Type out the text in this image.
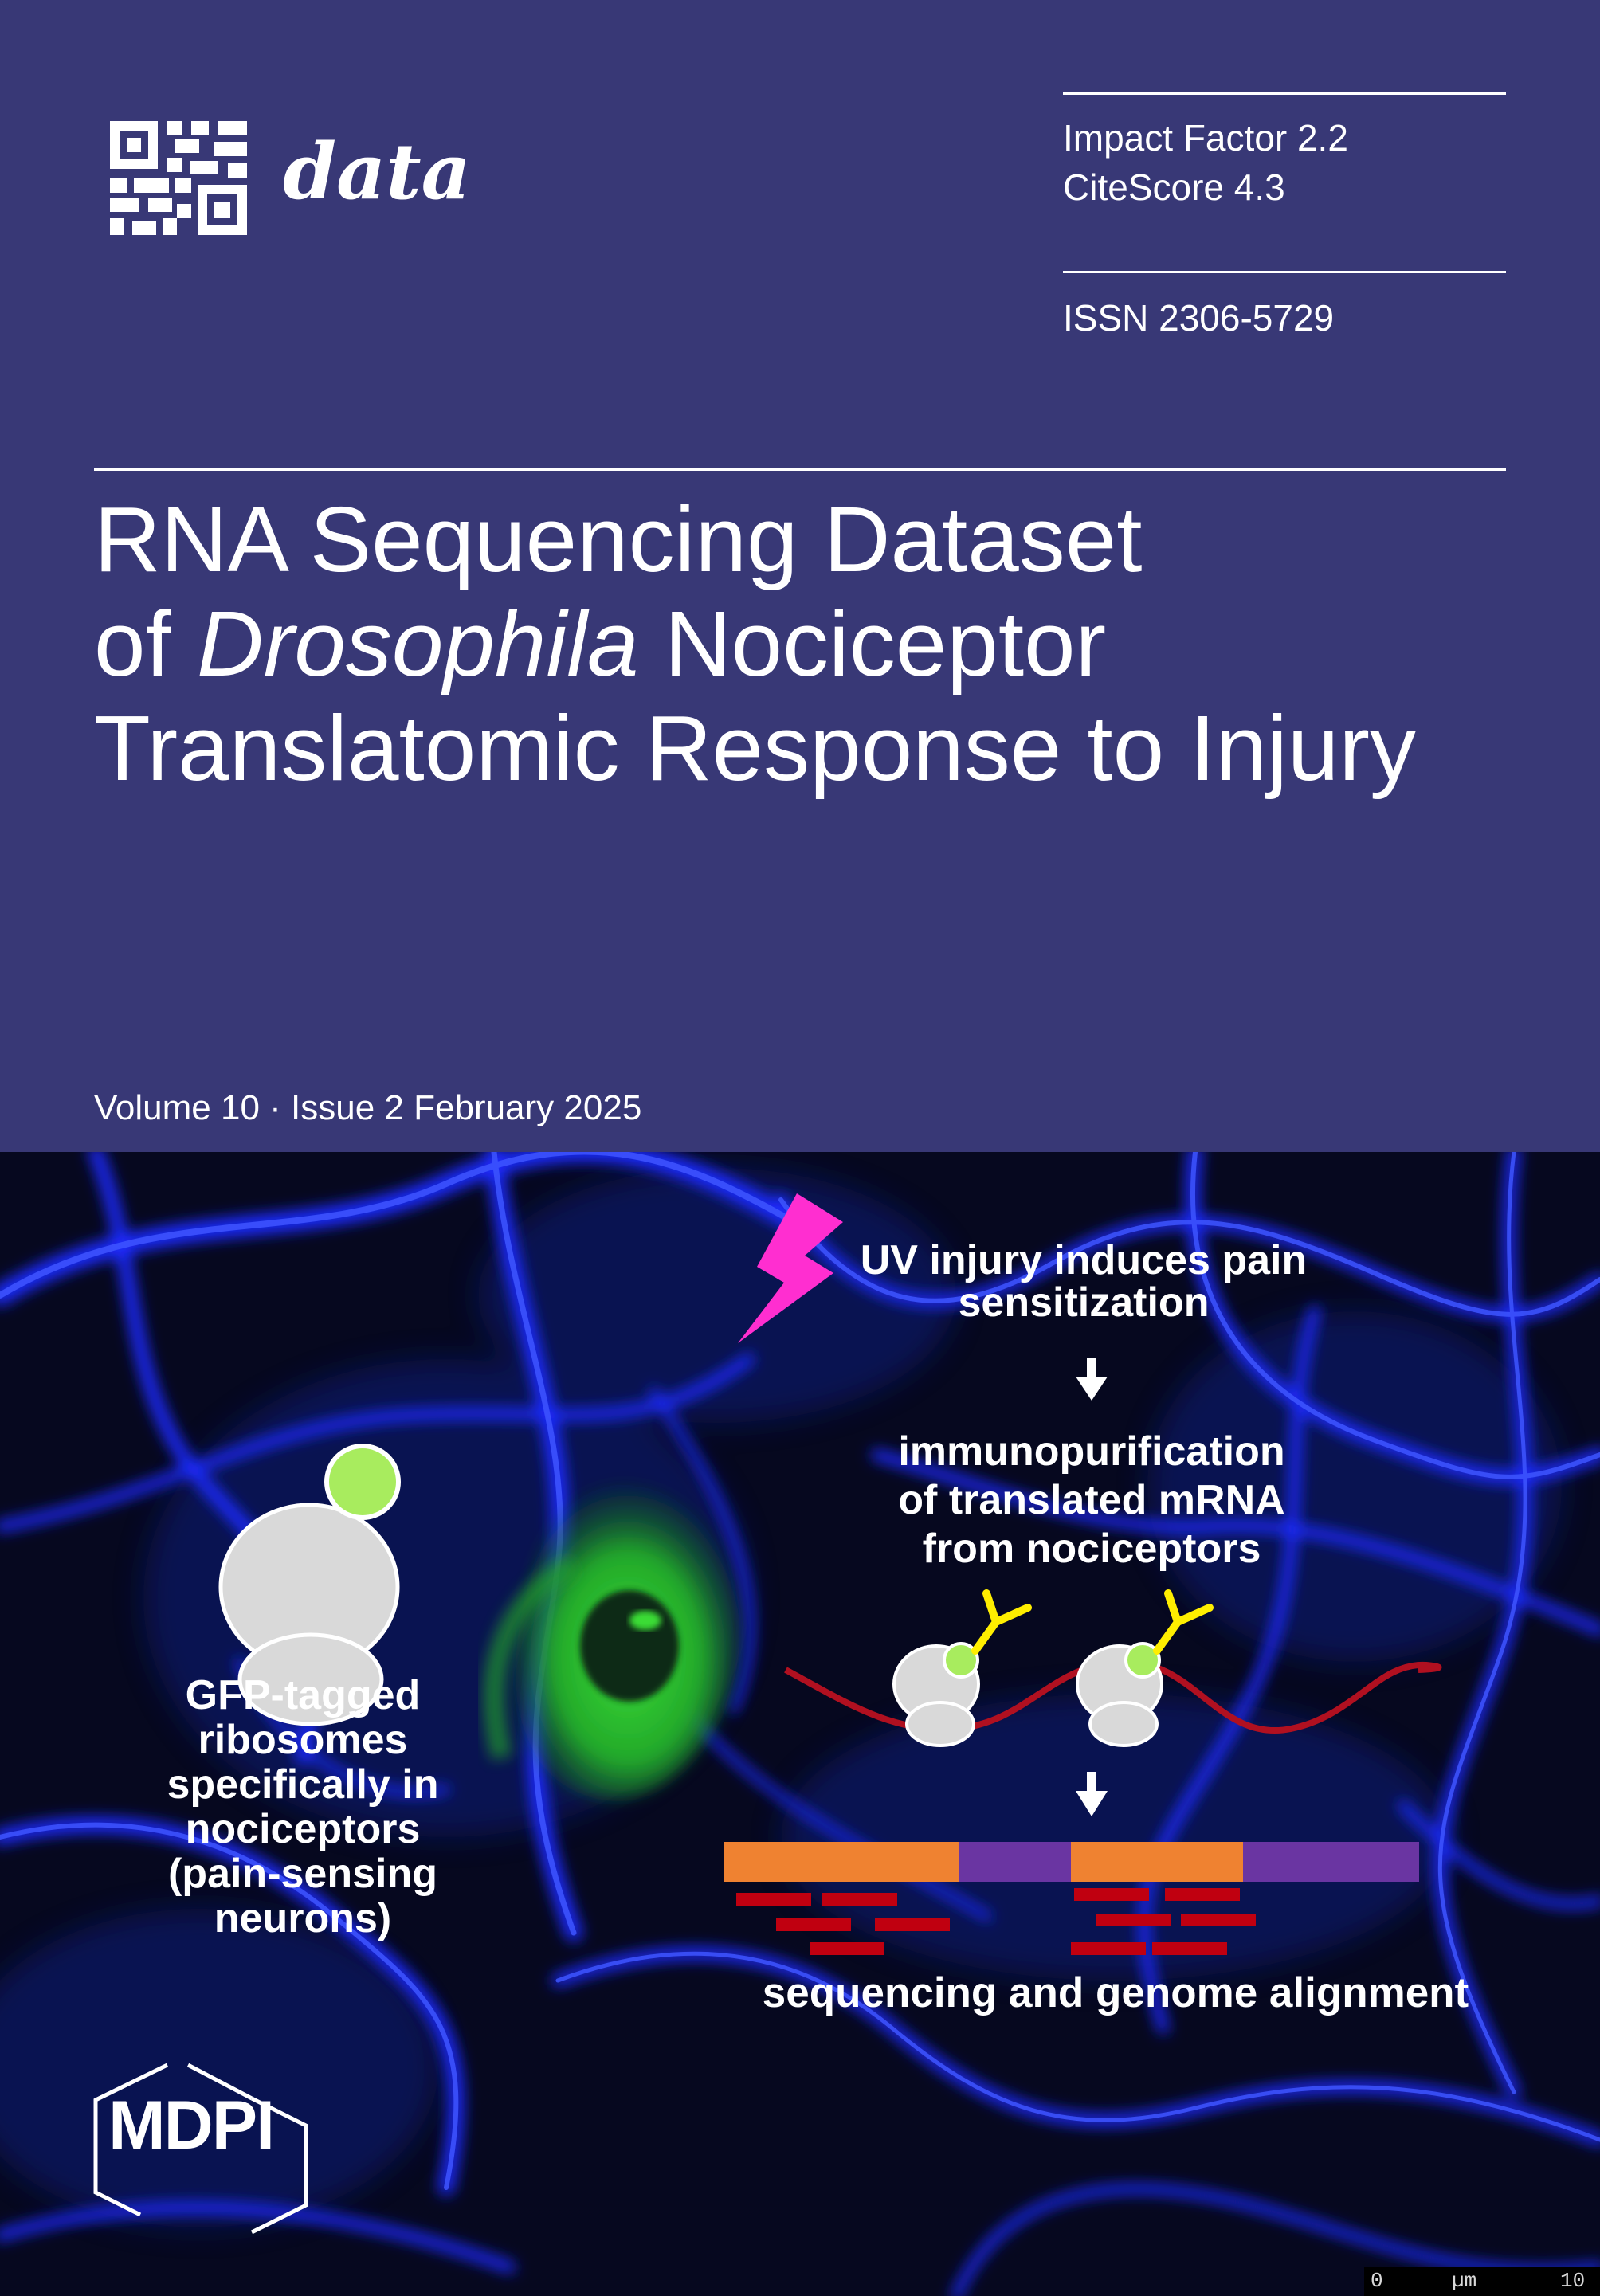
data	Impact Factor 2.2
CiteScore 4.3
ISSN 2306-5729
RNA Sequencing Dataset
of Drosophila Nociceptor
Translatomic Response to Injury
Volume 10 · Issue 2 February 2025
UV injury induces pain
sensitization
immunopurification
of translated mRNA
from nociceptors
GFP-tagged
ribosomes
specifically in
nociceptors
(pain-sensing
neurons)
sequencing and genome alignment
MDPI
0	µm	10
